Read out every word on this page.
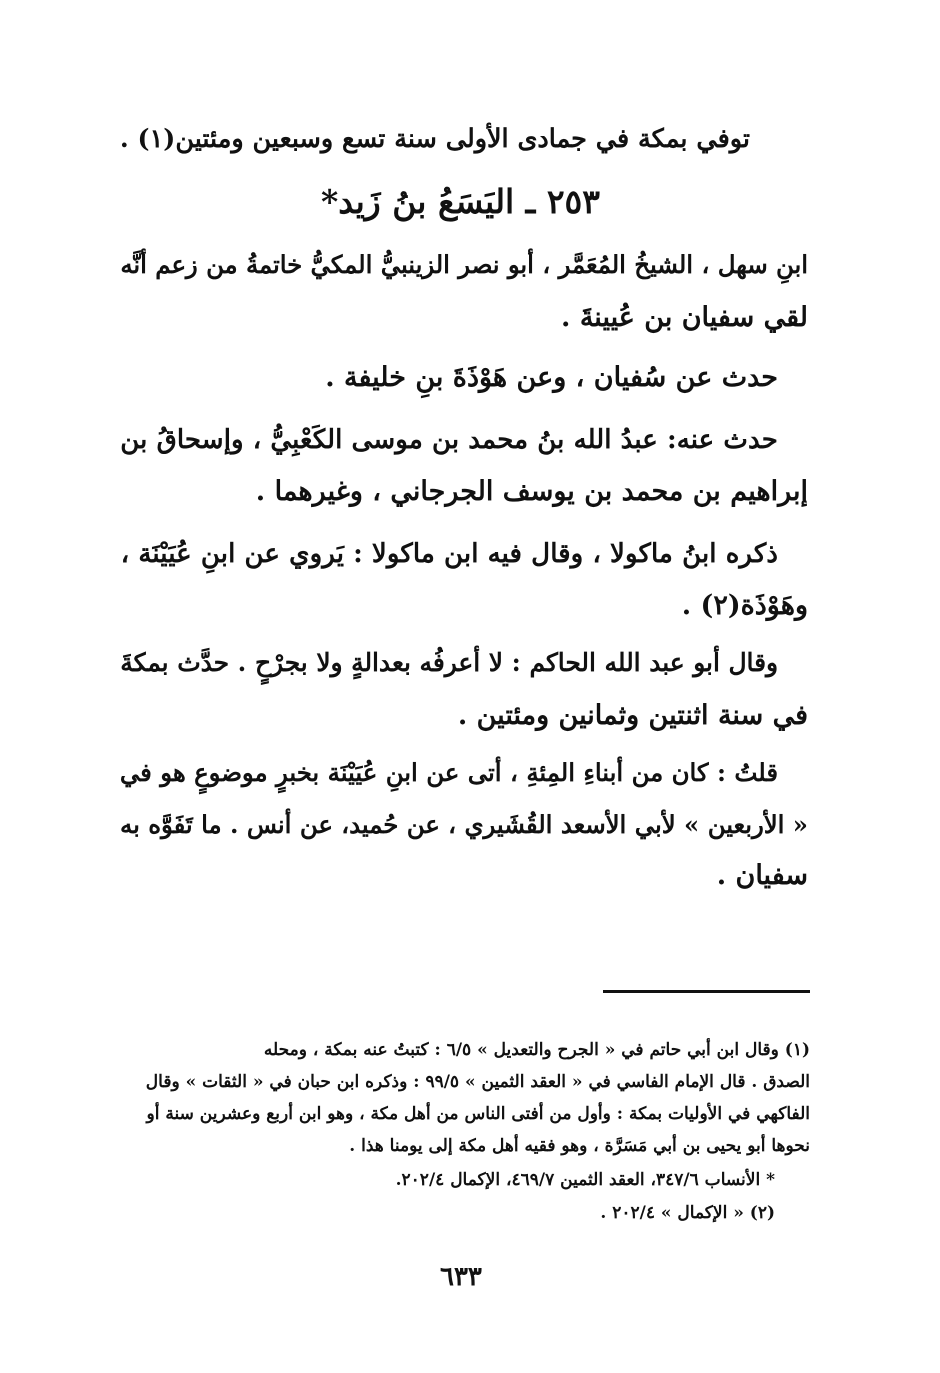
توفي بمكة في جمادى الأولى سنة تسع وسبعين ومئتين(١) .
٢٥٣ ـ اليَسَعُ بنُ زَيد*
ابنِ سهل ، الشيخُ المُعَمَّر ، أبو نصر الزينبيُّ المكيُّ خاتمةُ من زعم أنَّه
لقي سفيان بن عُيينةَ .
حدث عن سُفيان ، وعن هَوْذَةَ بنِ خليفة .
حدث عنه: عبدُ الله بنُ محمد بن موسى الكَعْبِيُّ ، وإسحاقُ بن
إبراهيم بن محمد بن يوسف الجرجاني ، وغيرهما .
ذكره ابنُ ماكولا ، وقال فيه ابن ماكولا : يَروي عن ابنِ عُيَيْنَة ،
وهَوْذَة(٢) .
وقال أبو عبد الله الحاكم : لا أعرفُه بعدالةٍ ولا بجرْحٍ . حدَّث بمكةَ
في سنة اثنتين وثمانين ومئتين .
قلتُ : كان من أبناءِ المِئةِ ، أتى عن ابنِ عُيَيْنَة بخبرٍ موضوعٍ هو في
« الأربعين » لأبي الأسعد القُشَيري ، عن حُميد، عن أنس . ما تَفَوَّه به
سفيان .
(١) وقال ابن أبي حاتم في « الجرح والتعديل » ٦/٥ : كتبتُ عنه بمكة ، ومحله
الصدق . قال الإمام الفاسي في « العقد الثمين » ٩٩/٥ : وذكره ابن حبان في « الثقات » وقال
الفاكهي في الأوليات بمكة : وأول من أفتى الناس من أهل مكة ، وهو ابن أربع وعشرين سنة أو
نحوها أبو يحيى بن أبي مَسَرَّة ، وهو فقيه أهل مكة إلى يومنا هذا .
* الأنساب ٣٤٧/٦، العقد الثمين ٤٦٩/٧، الإكمال ٢٠٢/٤.
(٢) « الإكمال » ٢٠٢/٤ .
٦٣٣
